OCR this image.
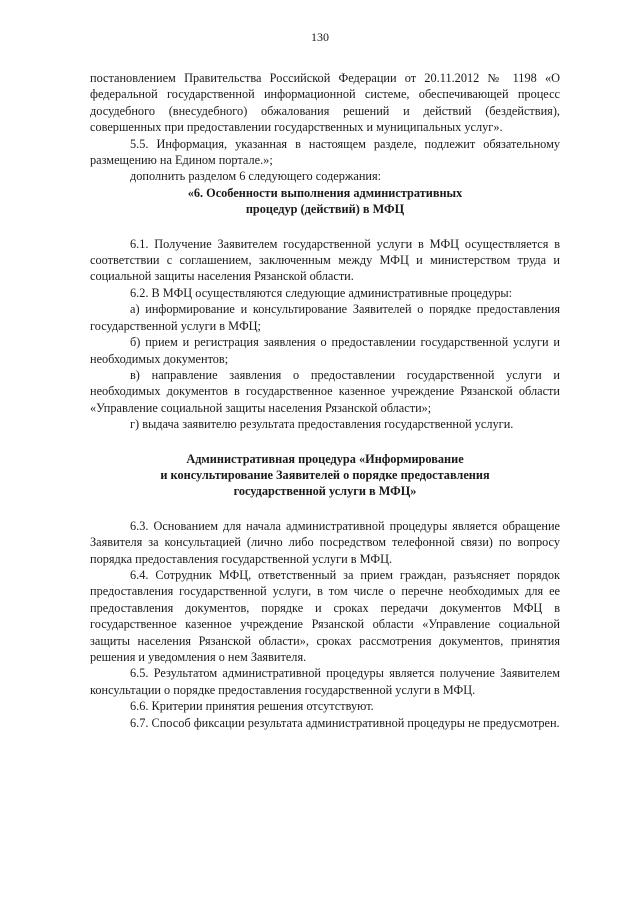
130

постановлением Правительства Российской Федерации от 20.11.2012 № 1198 «О федеральной государственной информационной системе, обеспечивающей процесс досудебного (внесудебного) обжалования решений и действий (бездействия), совершенных при предоставлении государственных и муниципальных услуг».

5.5. Информация, указанная в настоящем разделе, подлежит обязательному размещению на Едином портале.»;

дополнить разделом 6 следующего содержания:

«6. Особенности выполнения административных
процедур (действий) в МФЦ

6.1. Получение Заявителем государственной услуги в МФЦ осуществляется в соответствии с соглашением, заключенным между МФЦ и министерством труда и социальной защиты населения Рязанской области.

6.2. В МФЦ осуществляются следующие административные процедуры:

а) информирование и консультирование Заявителей о порядке предоставления государственной услуги в МФЦ;

б) прием и регистрация заявления о предоставлении государственной услуги и необходимых документов;

в) направление заявления о предоставлении государственной услуги и необходимых документов в государственное казенное учреждение Рязанской области «Управление социальной защиты населения Рязанской области»;

г) выдача заявителю результата предоставления государственной услуги.

Административная процедура «Информирование
и консультирование Заявителей о порядке предоставления
государственной услуги в МФЦ»

6.3. Основанием для начала административной процедуры является обращение Заявителя за консультацией (лично либо посредством телефонной связи) по вопросу порядка предоставления государственной услуги в МФЦ.

6.4. Сотрудник МФЦ, ответственный за прием граждан, разъясняет порядок предоставления государственной услуги, в том числе о перечне необходимых для ее предоставления документов, порядке и сроках передачи документов МФЦ в государственное казенное учреждение Рязанской области «Управление социальной защиты населения Рязанской области», сроках рассмотрения документов, принятия решения и уведомления о нем Заявителя.

6.5. Результатом административной процедуры является получение Заявителем консультации о порядке предоставления государственной услуги в МФЦ.

6.6. Критерии принятия решения отсутствуют.

6.7. Способ фиксации результата административной процедуры не предусмотрен.
